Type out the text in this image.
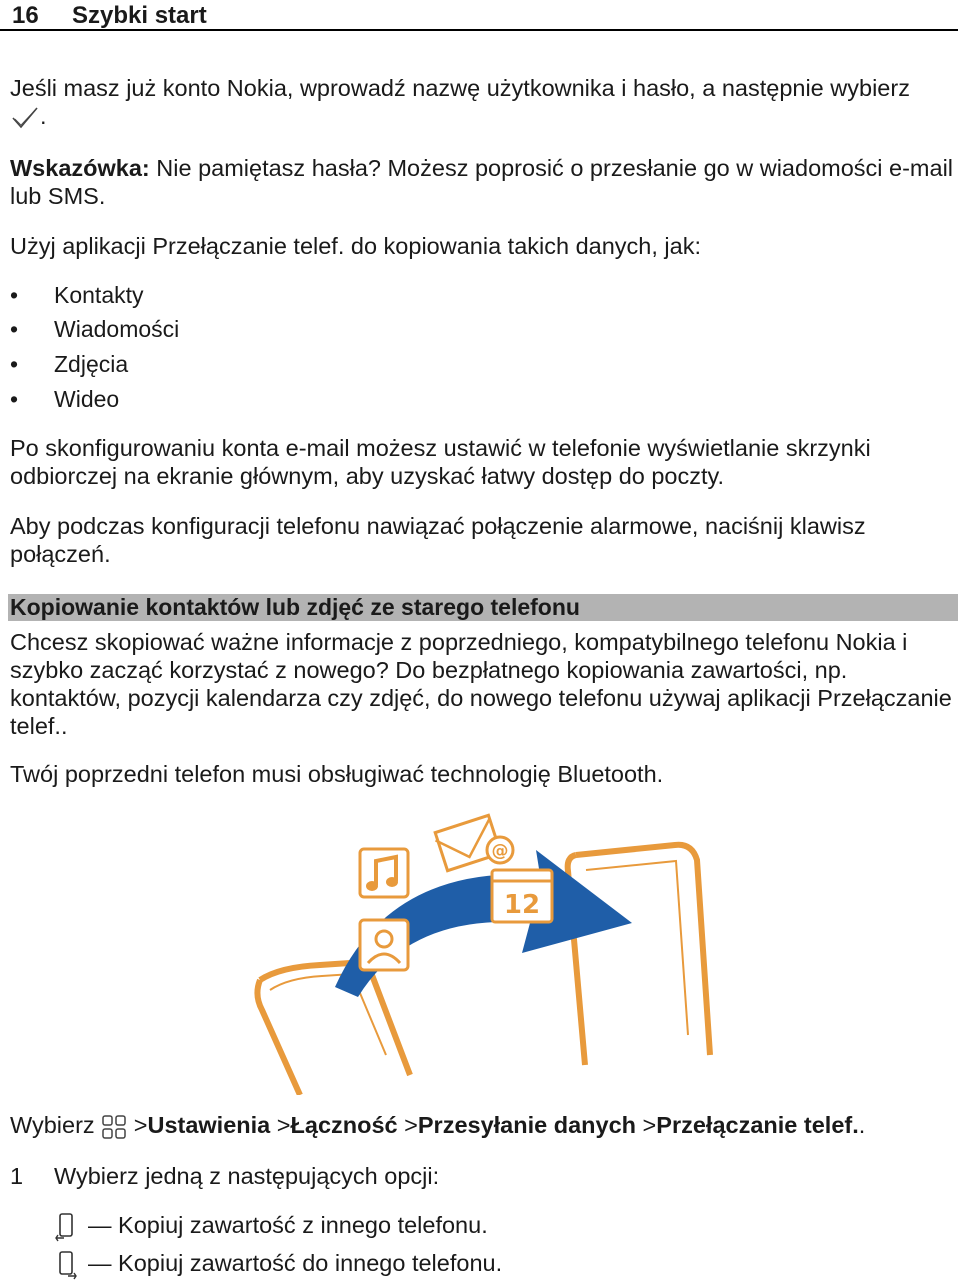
16 Szybki start

Jeśli masz już konto Nokia, wprowadź nazwę użytkownika i hasło, a następnie wybierz
.

Wskazówka: Nie pamiętasz hasła? Możesz poprosić o przesłanie go w wiadomości e-mail lub SMS.

Użyj aplikacji Przełączanie telef. do kopiowania takich danych, jak:

• Kontakty
• Wiadomości
• Zdjęcia
• Wideo

Po skonfigurowaniu konta e-mail możesz ustawić w telefonie wyświetlanie skrzynki odbiorczej na ekranie głównym, aby uzyskać łatwy dostęp do poczty.

Aby podczas konfiguracji telefonu nawiązać połączenie alarmowe, naciśnij klawisz połączeń.

Kopiowanie kontaktów lub zdjęć ze starego telefonu

Chcesz skopiować ważne informacje z poprzedniego, kompatybilnego telefonu Nokia i szybko zacząć korzystać z nowego? Do bezpłatnego kopiowania zawartości, np. kontaktów, pozycji kalendarza czy zdjęć, do nowego telefonu używaj aplikacji Przełączanie telef..

Twój poprzedni telefon musi obsługiwać technologię Bluetooth.

@
12

Wybierz >Ustawienia >Łączność >Przesyłanie danych >Przełączanie telef..

1 Wybierz jedną z następujących opcji:
— Kopiuj zawartość z innego telefonu.
— Kopiuj zawartość do innego telefonu.
